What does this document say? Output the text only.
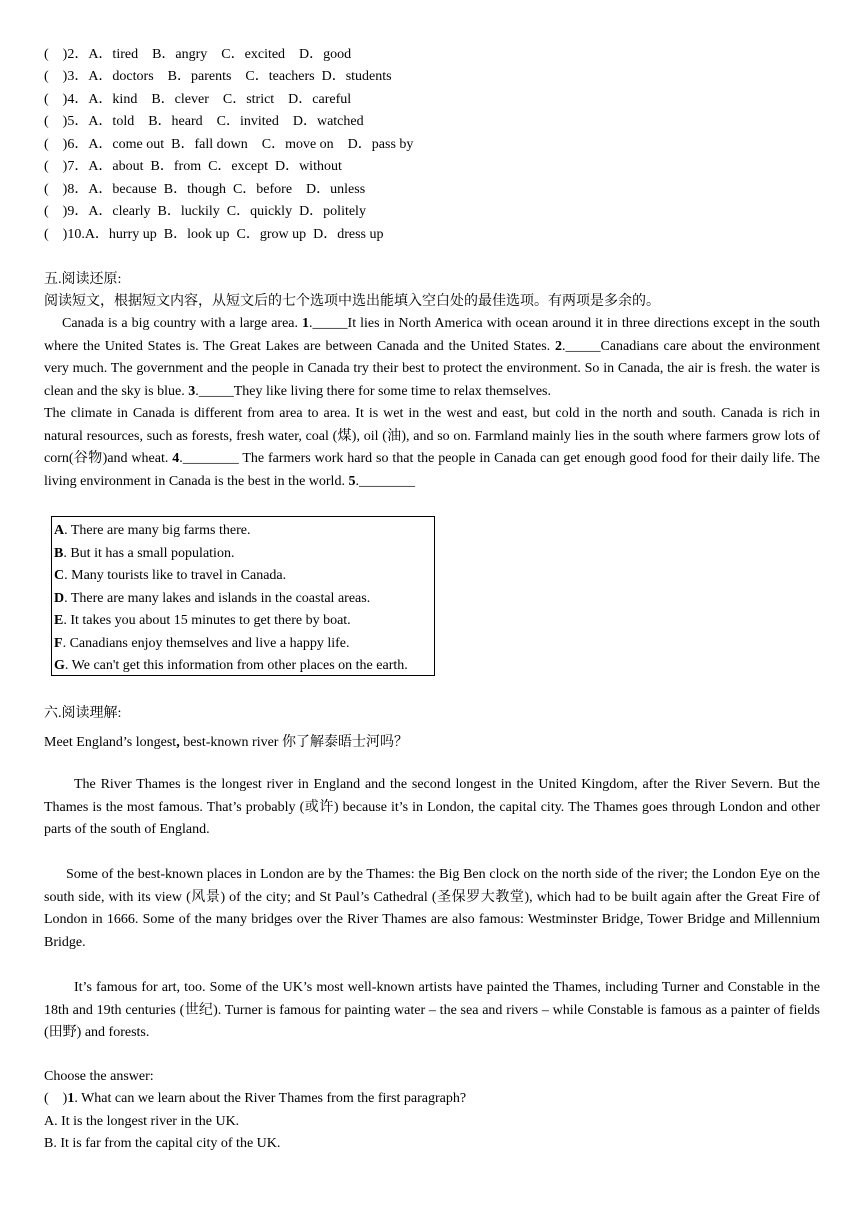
(    )2．A．tired    B．angry    C．excited    D．good
(    )3．A．doctors    B．parents    C．teachers  D．students
(    )4．A．kind    B．clever    C．strict    D．careful
(    )5．A．told    B．heard    C．invited    D．watched
(    )6．A．come out  B．fall down    C．move on    D．pass by
(    )7．A．about  B．from  C．except  D．without
(    )8．A．because  B．though  C．before    D．unless
(    )9．A．clearly  B．luckily  C．quickly  D．politely
(    )10.A．hurry up  B．look up  C．grow up  D．dress up
五.阅读还原:
阅读短文，根据短文内容，从短文后的七个选项中选出能填入空白处的最佳选项。有两项是多余的。
Canada is a big country with a large area. 1._____It lies in North America with ocean around it in three directions except in the south where the United States is. The Great Lakes are between Canada and the United States. 2._____Canadians care about the environment very much. The government and the people in Canada try their best to protect the environment. So in Canada, the air is fresh. the water is clean and the sky is blue. 3._____They like living there for some time to relax themselves.
The climate in Canada is different from area to area. It is wet in the west and east, but cold in the north and south. Canada is rich in natural resources, such as forests, fresh water, coal (煤), oil (油), and so on. Farmland mainly lies in the south where farmers grow lots of corn(谷物)and wheat. 4.________ The farmers work hard so that the people in Canada can get enough good food for their daily life. The living environment in Canada is the best in the world. 5.________
A. There are many big farms there.
B. But it has a small population.
C. Many tourists like to travel in Canada.
D. There are many lakes and islands in the coastal areas.
E. It takes you about 15 minutes to get there by boat.
F. Canadians enjoy themselves and live a happy life.
G. We can't get this information from other places on the earth.
六.阅读理解:
Meet England’s longest, best-known river 你了解泰晤士河吗？
The River Thames is the longest river in England and the second longest in the United Kingdom, after the River Severn. But the Thames is the most famous. That’s probably (或许) because it’s in London, the capital city. The Thames goes through London and other parts of the south of England.
Some of the best-known places in London are by the Thames: the Big Ben clock on the north side of the river; the London Eye on the south side, with its view (风景) of the city; and St Paul’s Cathedral (圣保罗大教堂), which had to be built again after the Great Fire of London in 1666. Some of the many bridges over the River Thames are also famous: Westminster Bridge, Tower Bridge and Millennium Bridge.
It’s famous for art, too. Some of the UK’s most well-known artists have painted the Thames, including Turner and Constable in the 18th and 19th centuries (世纪). Turner is famous for painting water – the sea and rivers – while Constable is famous as a painter of fields (田野) and forests.
Choose the answer:
(    )1. What can we learn about the River Thames from the first paragraph?
A. It is the longest river in the UK.
B. It is far from the capital city of the UK.
